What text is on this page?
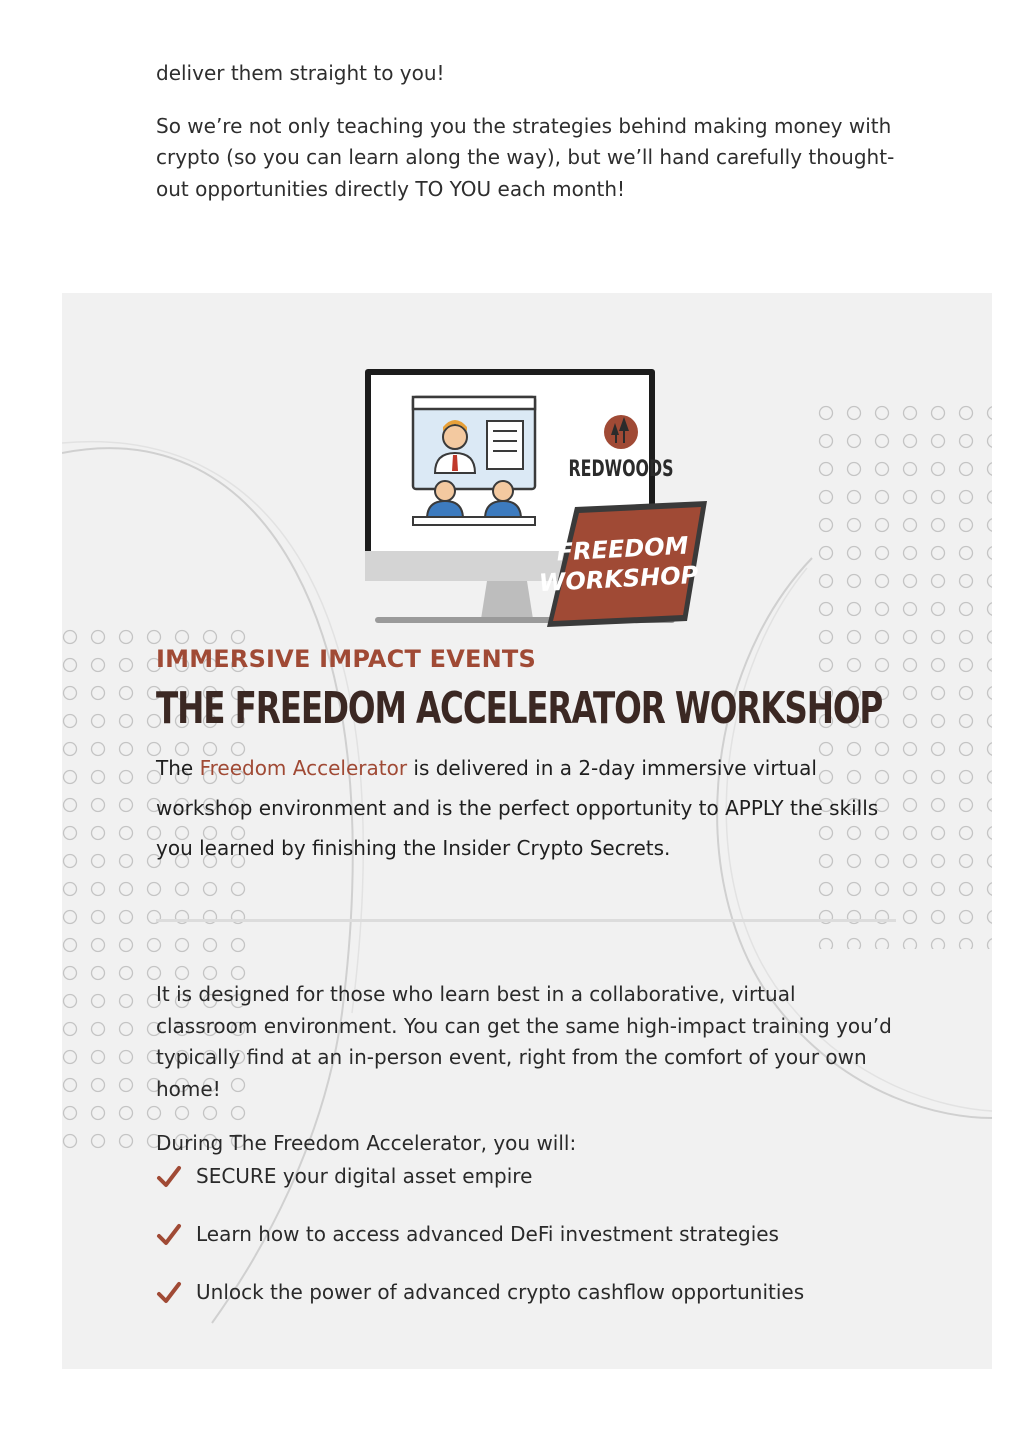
deliver them straight to you!

So we’re not only teaching you the strategies behind making money with crypto (so you can learn along the way), but we’ll hand carefully thought-out opportunities directly TO YOU each month!

REDWOODS
FREEDOM
WORKSHOP

IMMERSIVE IMPACT EVENTS

THE FREEDOM ACCELERATOR WORKSHOP

The Freedom Accelerator is delivered in a 2-day immersive virtual workshop environment and is the perfect opportunity to APPLY the skills you learned by finishing the Insider Crypto Secrets.

It is designed for those who learn best in a collaborative, virtual classroom environment. You can get the same high-impact training you’d typically find at an in-person event, right from the comfort of your own home!

During The Freedom Accelerator, you will:

SECURE your digital asset empire
Learn how to access advanced DeFi investment strategies
Unlock the power of advanced crypto cashflow opportunities
